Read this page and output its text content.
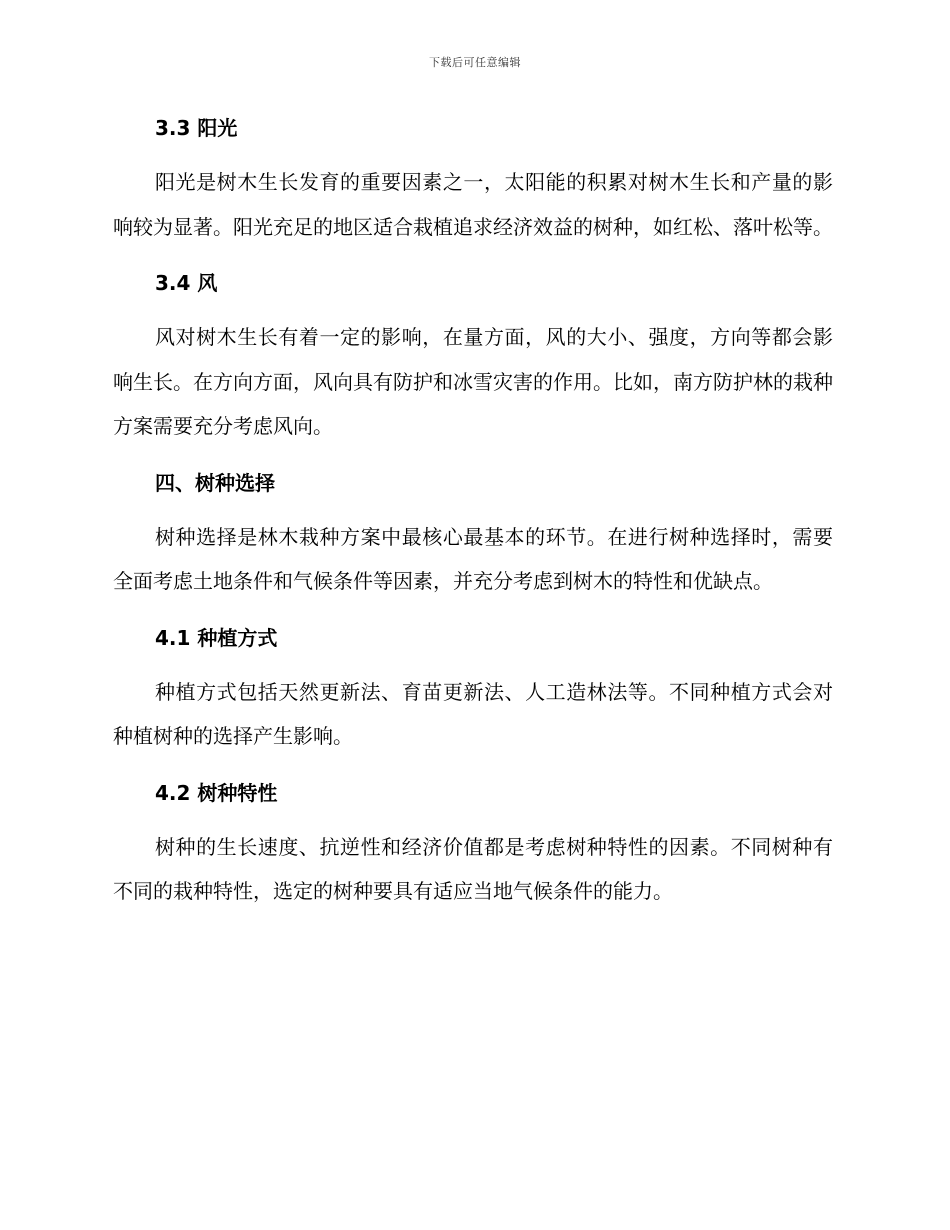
下载后可任意编辑
3.3 阳光

阳光是树木生长发育的重要因素之一，太阳能的积累对树木生长和产量的影响较为显著。阳光充足的地区适合栽植追求经济效益的树种，如红松、落叶松等。

3.4 风

风对树木生长有着一定的影响，在量方面，风的大小、强度，方向等都会影响生长。在方向方面，风向具有防护和冰雪灾害的作用。比如，南方防护林的栽种方案需要充分考虑风向。

四、树种选择

树种选择是林木栽种方案中最核心最基本的环节。在进行树种选择时，需要全面考虑土地条件和气候条件等因素，并充分考虑到树木的特性和优缺点。

4.1 种植方式

种植方式包括天然更新法、育苗更新法、人工造林法等。不同种植方式会对种植树种的选择产生影响。

4.2 树种特性

树种的生长速度、抗逆性和经济价值都是考虑树种特性的因素。不同树种有不同的栽种特性，选定的树种要具有适应当地气候条件的能力。
